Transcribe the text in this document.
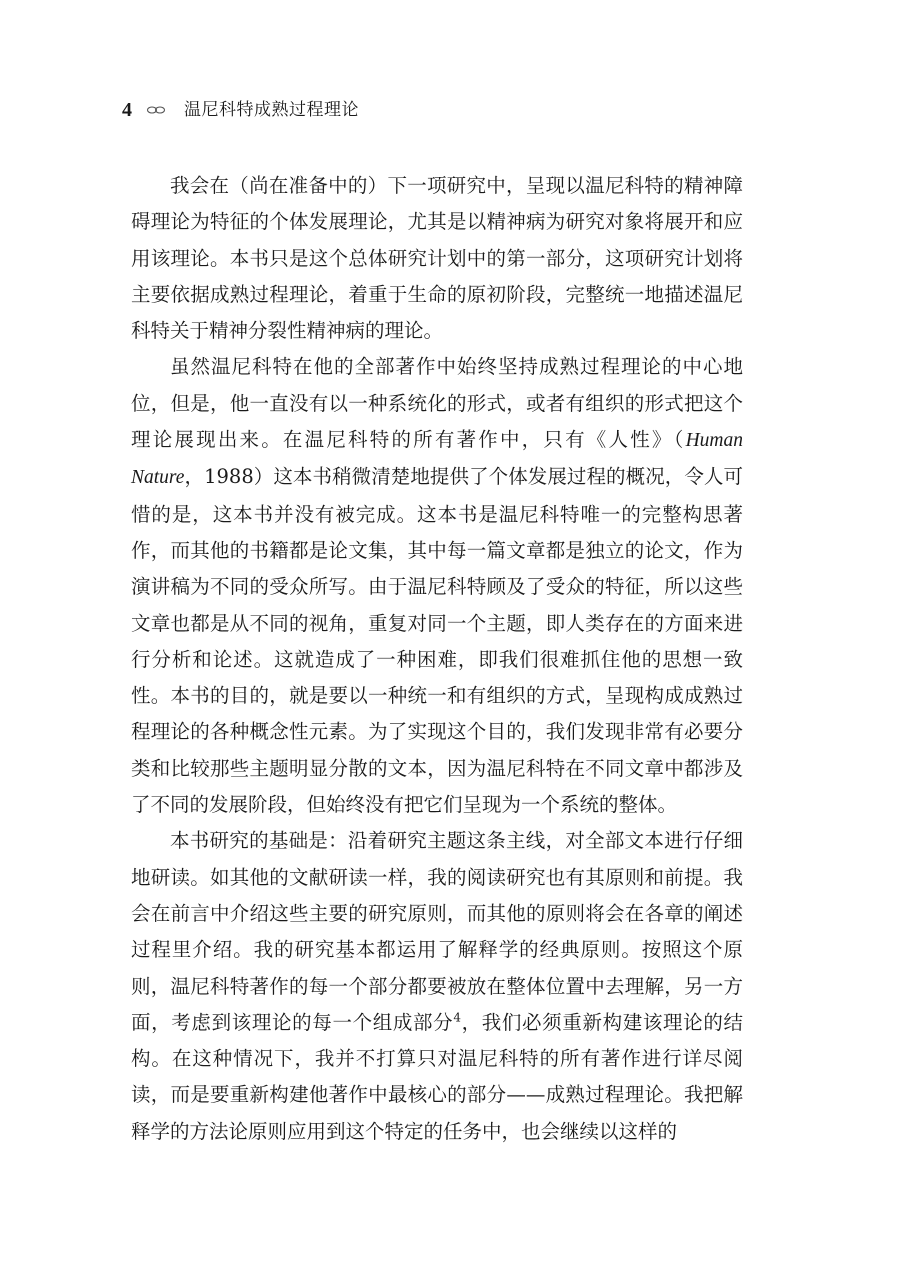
4	温尼科特成熟过程理论

我会在（尚在准备中的）下一项研究中，呈现以温尼科特的精神障碍理论为特征的个体发展理论，尤其是以精神病为研究对象将展开和应用该理论。本书只是这个总体研究计划中的第一部分，这项研究计划将主要依据成熟过程理论，着重于生命的原初阶段，完整统一地描述温尼科特关于精神分裂性精神病的理论。

虽然温尼科特在他的全部著作中始终坚持成熟过程理论的中心地位，但是，他一直没有以一种系统化的形式，或者有组织的形式把这个理论展现出来。在温尼科特的所有著作中，只有《人性》（Human Nature，1988）这本书稍微清楚地提供了个体发展过程的概况，令人可惜的是，这本书并没有被完成。这本书是温尼科特唯一的完整构思著作，而其他的书籍都是论文集，其中每一篇文章都是独立的论文，作为演讲稿为不同的受众所写。由于温尼科特顾及了受众的特征，所以这些文章也都是从不同的视角，重复对同一个主题，即人类存在的方面来进行分析和论述。这就造成了一种困难，即我们很难抓住他的思想一致性。本书的目的，就是要以一种统一和有组织的方式，呈现构成成熟过程理论的各种概念性元素。为了实现这个目的，我们发现非常有必要分类和比较那些主题明显分散的文本，因为温尼科特在不同文章中都涉及了不同的发展阶段，但始终没有把它们呈现为一个系统的整体。

本书研究的基础是：沿着研究主题这条主线，对全部文本进行仔细地研读。如其他的文献研读一样，我的阅读研究也有其原则和前提。我会在前言中介绍这些主要的研究原则，而其他的原则将会在各章的阐述过程里介绍。我的研究基本都运用了解释学的经典原则。按照这个原则，温尼科特著作的每一个部分都要被放在整体位置中去理解，另一方面，考虑到该理论的每一个组成部分$^4$，我们必须重新构建该理论的结构。在这种情况下，我并不打算只对温尼科特的所有著作进行详尽阅读，而是要重新构建他著作中最核心的部分——成熟过程理论。我把解释学的方法论原则应用到这个特定的任务中，也会继续以这样的
